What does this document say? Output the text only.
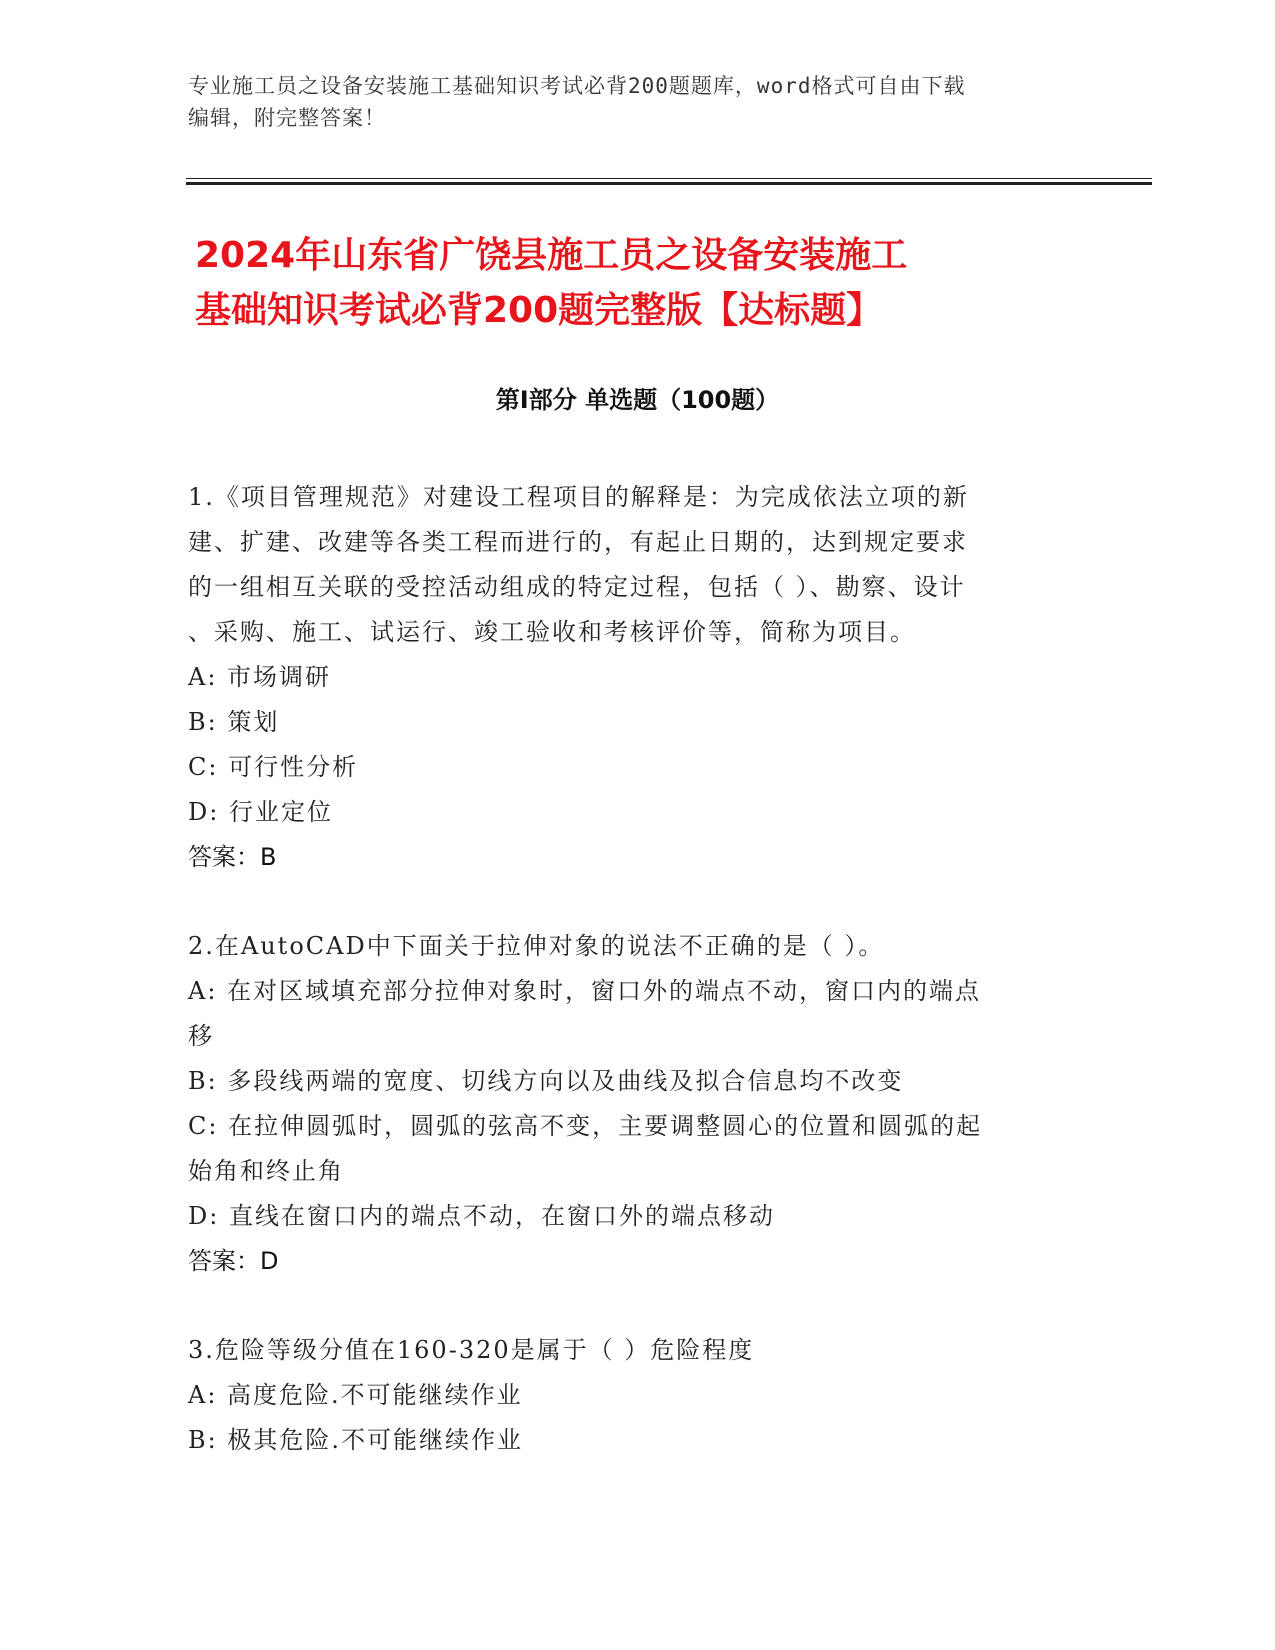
专业施工员之设备安装施工基础知识考试必背200题题库，word格式可自由下载
编辑，附完整答案！
2024年山东省广饶县施工员之设备安装施工
基础知识考试必背200题完整版【达标题】
第Ⅰ部分 单选题（100题）

1.《项目管理规范》对建设工程项目的解释是：为完成依法立项的新

建、扩建、改建等各类工程而进行的，有起止日期的，达到规定要求

的一组相互关联的受控活动组成的特定过程，包括（ ）、勘察、设计

、采购、施工、试运行、竣工验收和考核评价等，简称为项目。

A: 市场调研

B: 策划

C: 可行性分析

D: 行业定位

答案：B

2.在AutoCAD中下面关于拉伸对象的说法不正确的是（ ）。

A: 在对区域填充部分拉伸对象时，窗口外的端点不动，窗口内的端点

移

B: 多段线两端的宽度、切线方向以及曲线及拟合信息均不改变

C: 在拉伸圆弧时，圆弧的弦高不变，主要调整圆心的位置和圆弧的起

始角和终止角

D: 直线在窗口内的端点不动，在窗口外的端点移动

答案：D

3.危险等级分值在160-320是属于（ ）危险程度

A: 高度危险.不可能继续作业

B: 极其危险.不可能继续作业
